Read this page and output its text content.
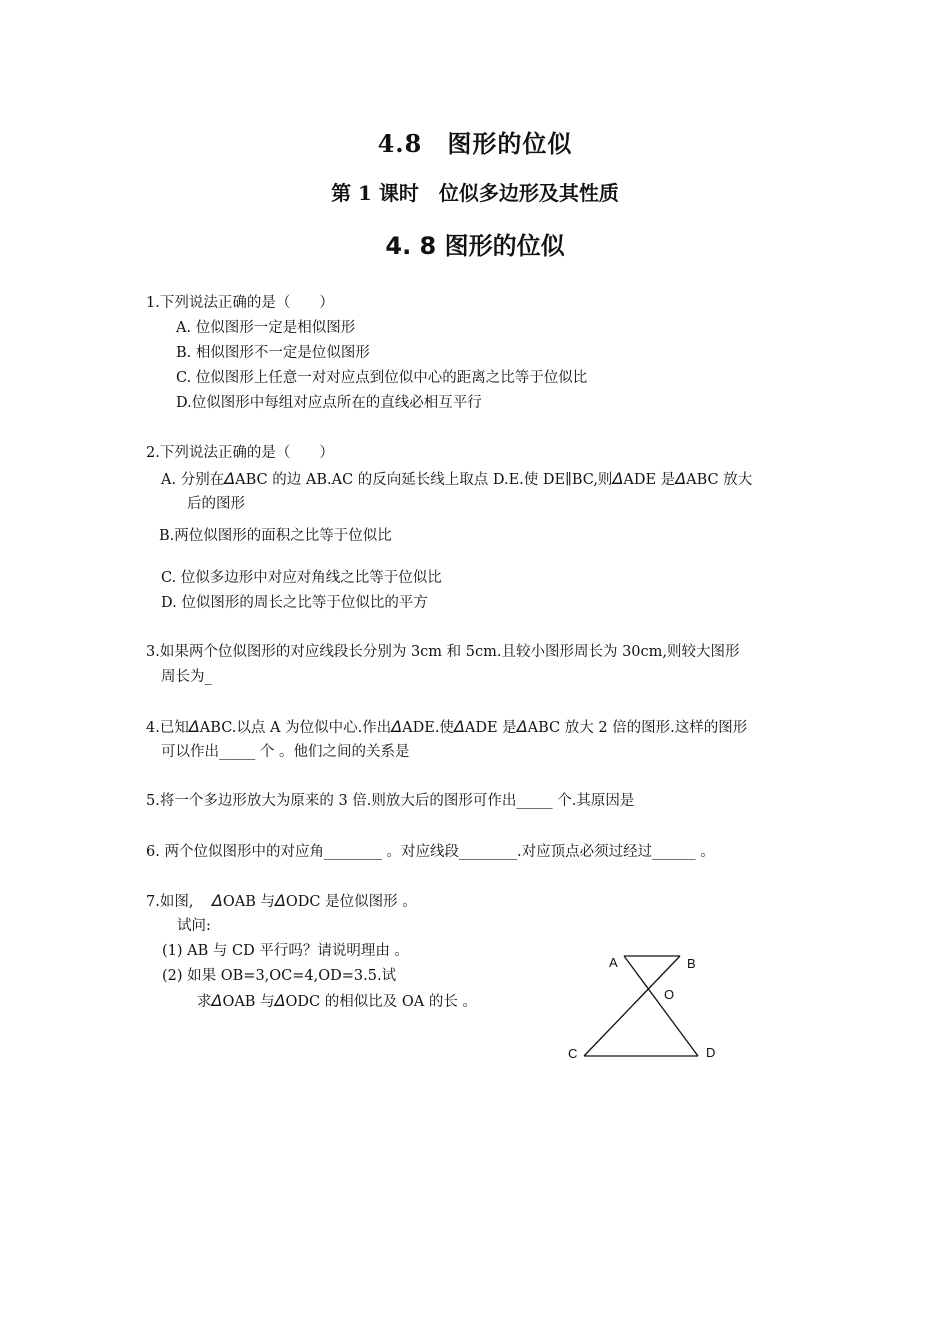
4.8　图形的位似
第 1 课时　位似多边形及其性质
4. 8 图形的位似
1.下列说法正确的是（　　）
A. 位似图形一定是相似图形
B. 相似图形不一定是位似图形
C. 位似图形上任意一对对应点到位似中心的距离之比等于位似比
D.位似图形中每组对应点所在的直线必相互平行
2.下列说法正确的是（　　）
A. 分别在ΔABC 的边 AB.AC 的反向延长线上取点 D.E.使 DE∥BC,则ΔADE 是ΔABC 放大
后的图形
B.两位似图形的面积之比等于位似比
C. 位似多边形中对应对角线之比等于位似比
D. 位似图形的周长之比等于位似比的平方
3.如果两个位似图形的对应线段长分别为 3cm 和 5cm.且较小图形周长为 30cm,则较大图形
周长为_
4.已知ΔABC.以点 A 为位似中心.作出ΔADE.使ΔADE 是ΔABC 放大 2 倍的图形.这样的图形
可以作出_____ 个 。他们之间的关系是
5.将一个多边形放大为原来的 3 倍.则放大后的图形可作出_____ 个.其原因是
6. 两个位似图形中的对应角________ 。对应线段________.对应顶点必须过经过______ 。
7.如图, ΔOAB 与ΔODC 是位似图形 。
试问:
(1) AB 与 CD 平行吗？请说明理由 。
(2) 如果 OB=3,OC=4,OD=3.5.试
求ΔOAB 与ΔODC 的相似比及 OA 的长 。
A	B
O
C	D
